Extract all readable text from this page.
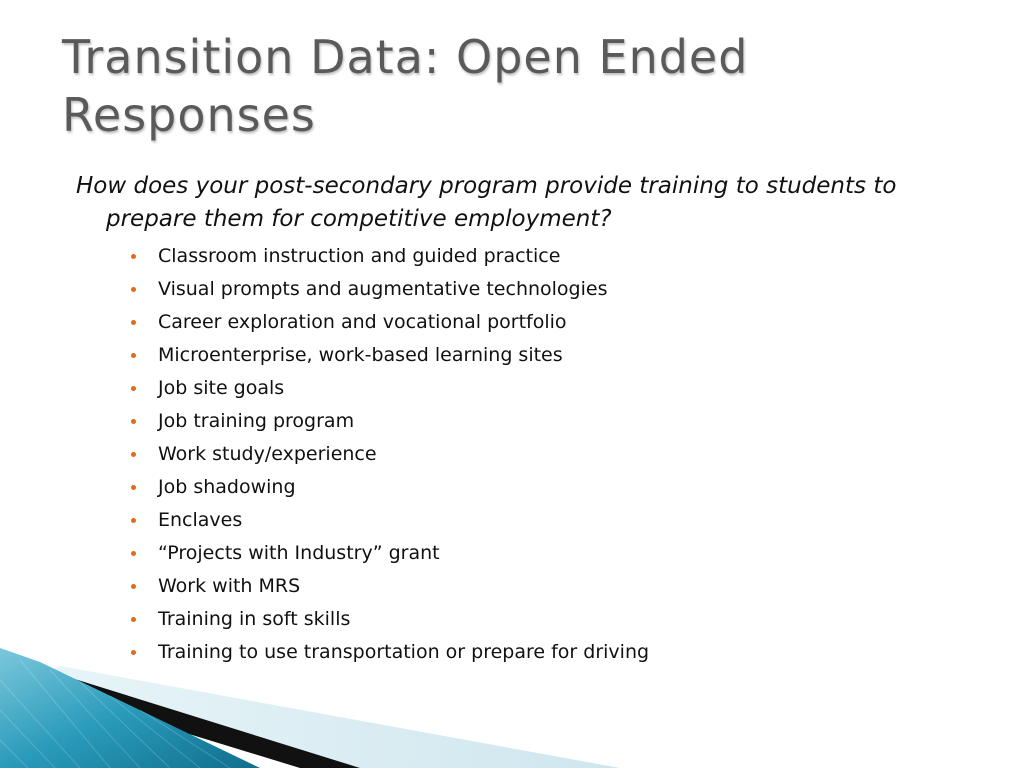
Transition Data: Open Ended Responses

How does your post-secondary program provide training to students to prepare them for competitive employment?

Classroom instruction and guided practice
Visual prompts and augmentative technologies
Career exploration and vocational portfolio
Microenterprise, work-based learning sites
Job site goals
Job training program
Work study/experience
Job shadowing
Enclaves
“Projects with Industry” grant
Work with MRS
Training in soft skills
Training to use transportation or prepare for driving
